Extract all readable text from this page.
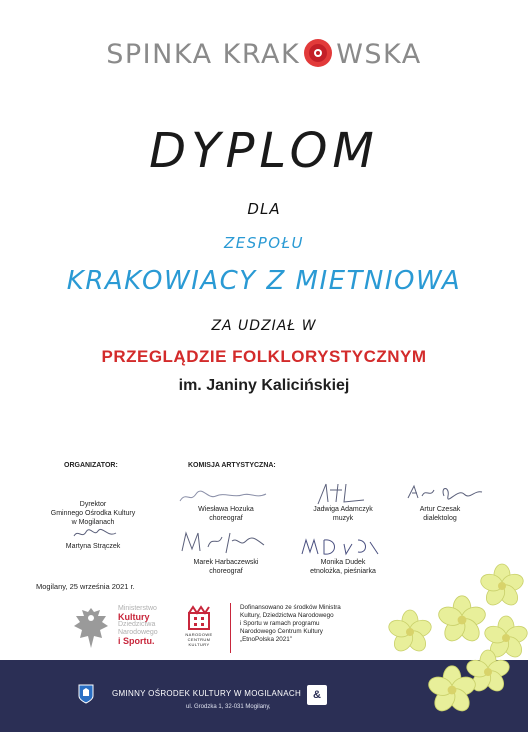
SPINKA KRAK WSKA
DYPLOM
DLA
ZESPOŁU
KRAKOWIACY Z MIETNIOWA
ZA UDZIAŁ W
PRZEGLĄDZIE FOLKLORYSTYCZNYM
im. Janiny Kalicińskiej
ORGANIZATOR:
Dyrektor
Gminnego Ośrodka Kultury
w Mogilanach
Martyna Strączek
KOMISJA ARTYSTYCZNA:
Wiesława Hozuka
choreograf
Jadwiga Adamczyk
muzyk
Artur Czesak
dialektolog
Marek Harbaczewski
choreograf
Monika Dudek
etnolożka, pieśniarka
Mogilany, 25 września 2021 r.
Ministerstwo
Kultury
Dziedzictwa
Narodowego
i Sportu.
NARODOWE
CENTRUM
KULTURY
Dofinansowano ze środków Ministra
Kultury, Dziedzictwa Narodowego
i Sportu w ramach programu
Narodowego Centrum Kultury
„EtnoPolska 2021”
GMINNY OŚRODEK KULTURY W MOGILANACH
ul. Grodzka 1, 32-031 Mogilany,
&
